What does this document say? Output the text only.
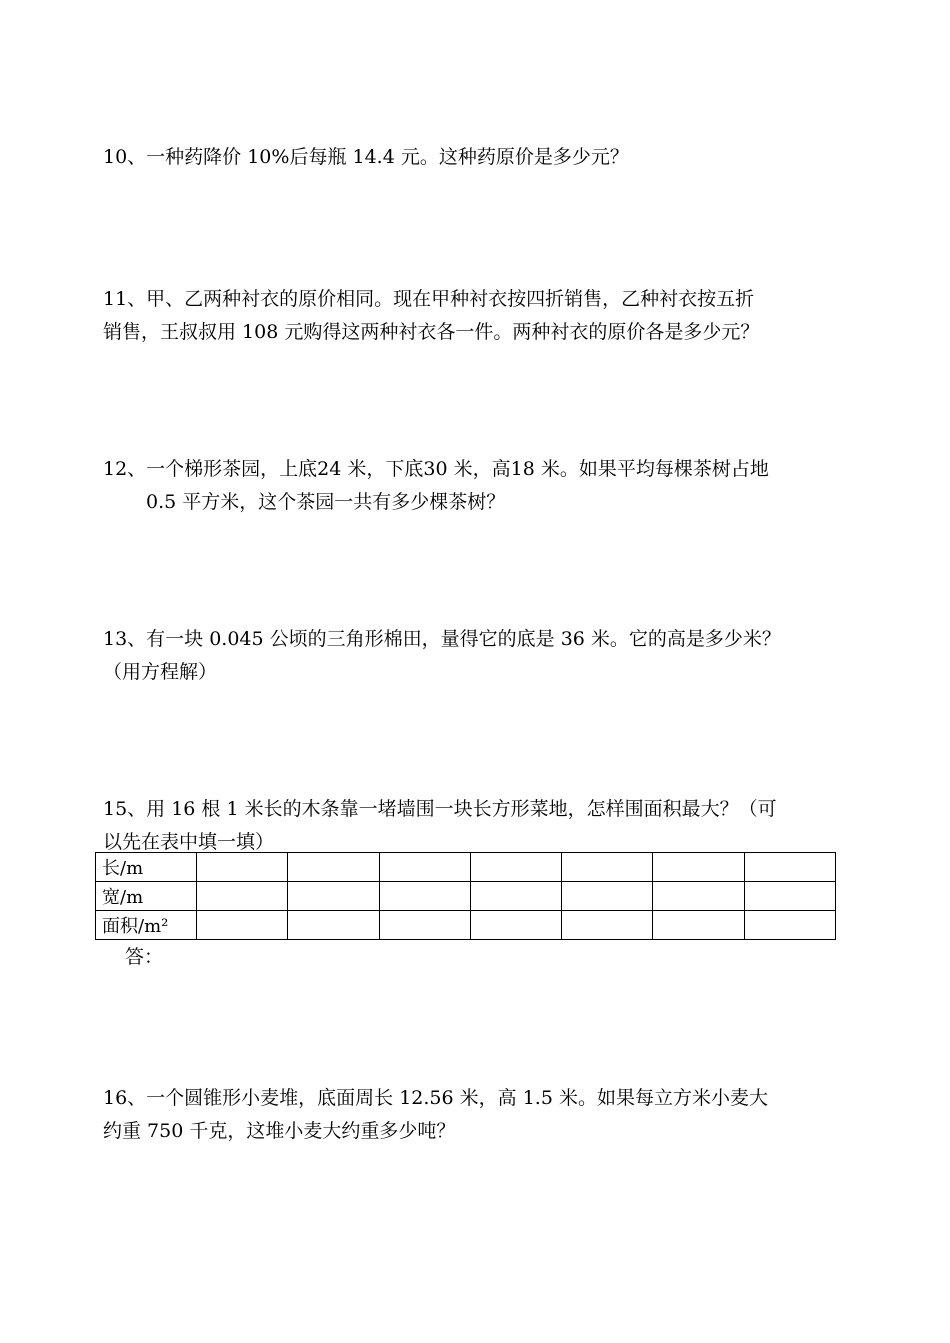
10、一种药降价 10%后每瓶 14.4 元。这种药原价是多少元？
11、甲、乙两种衬衣的原价相同。现在甲种衬衣按四折销售，乙种衬衣按五折
销售，王叔叔用 108 元购得这两种衬衣各一件。两种衬衣的原价各是多少元？
12、一个梯形茶园，上底24 米，下底30 米，高18 米。如果平均每棵茶树占地
0.5 平方米，这个茶园一共有多少棵茶树？
13、有一块 0.045 公顷的三角形棉田，量得它的底是 36 米。它的高是多少米？
（用方程解）
15、用 16 根 1 米长的木条靠一堵墙围一块长方形菜地，怎样围面积最大？（可
以先在表中填一填）
长/m							
宽/m							
面积/m²							
答：
16、一个圆锥形小麦堆，底面周长 12.56 米，高 1.5 米。如果每立方米小麦大
约重 750 千克，这堆小麦大约重多少吨？
